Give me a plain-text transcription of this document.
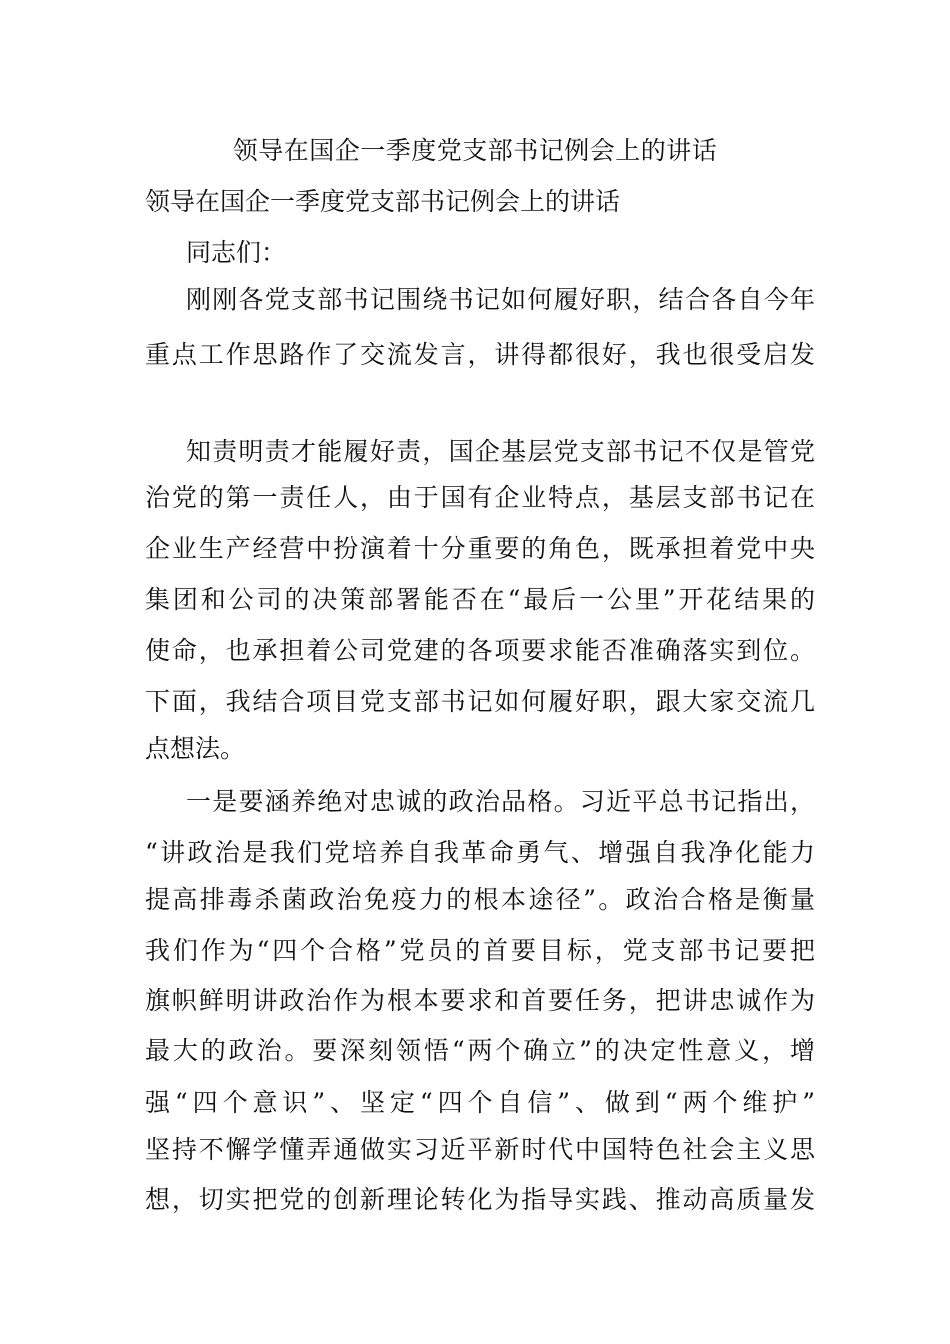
领导在国企一季度党支部书记例会上的讲话
领导在国企一季度党支部书记例会上的讲话
同志们：
刚刚各党支部书记围绕书记如何履好职，结合各自今年
重点工作思路作了交流发言，讲得都很好，我也很受启发
知责明责才能履好责，国企基层党支部书记不仅是管党
治党的第一责任人，由于国有企业特点，基层支部书记在
企业生产经营中扮演着十分重要的角色，既承担着党中央
集团和公司的决策部署能否在“最后一公里”开花结果的
使命，也承担着公司党建的各项要求能否准确落实到位。
下面，我结合项目党支部书记如何履好职，跟大家交流几
点想法。
一是要涵养绝对忠诚的政治品格。习近平总书记指出，
“讲政治是我们党培养自我革命勇气、增强自我净化能力
提高排毒杀菌政治免疫力的根本途径”。政治合格是衡量
我们作为“四个合格”党员的首要目标，党支部书记要把
旗帜鲜明讲政治作为根本要求和首要任务，把讲忠诚作为
最大的政治。要深刻领悟“两个确立”的决定性意义，增
强“四个意识”、坚定“四个自信”、做到“两个维护”
坚持不懈学懂弄通做实习近平新时代中国特色社会主义思
想，切实把党的创新理论转化为指导实践、推动高质量发
